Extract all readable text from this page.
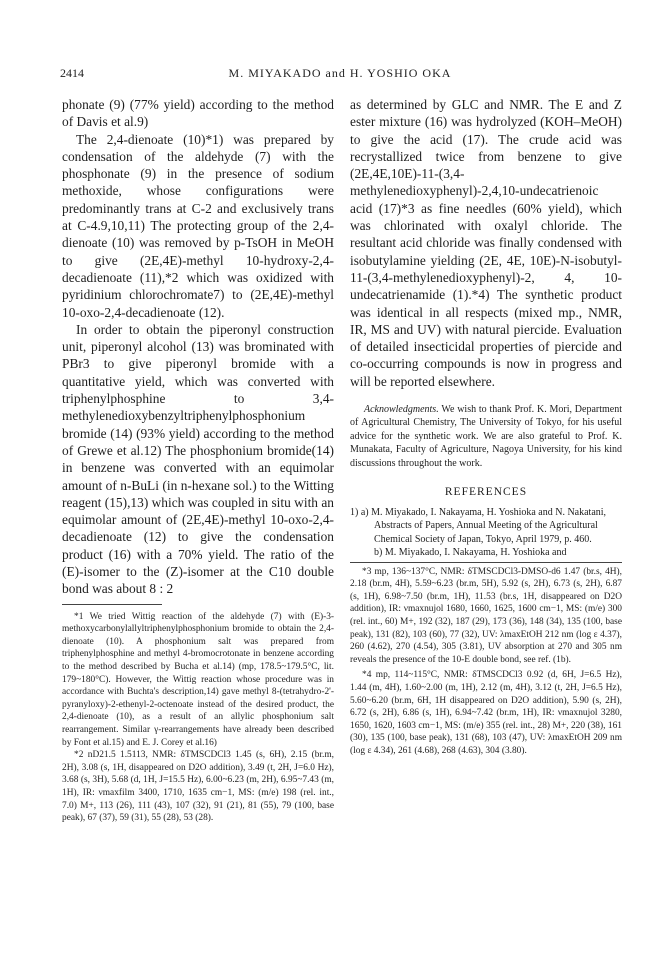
2414	M. MIYAKADO and H. YOSHIO OKA

phonate (9) (77% yield) according to the method of Davis et al.9)

The 2,4-dienoate (10)*1) was prepared by condensation of the aldehyde (7) with the phosphonate (9) in the presence of sodium methoxide, whose configurations were predominantly trans at C-2 and exclusively trans at C-4.9,10,11) The protecting group of the 2,4-dienoate (10) was removed by p-TsOH in MeOH to give (2E,4E)-methyl 10-hydroxy-2,4-decadienoate (11),*2 which was oxidized with pyridinium chlorochromate7) to (2E,4E)-methyl 10-oxo-2,4-decadienoate (12).

In order to obtain the piperonyl construction unit, piperonyl alcohol (13) was brominated with PBr3 to give piperonyl bromide with a quantitative yield, which was converted with triphenylphosphine to 3,4-methylenedioxybenzyltriphenylphosphonium bromide (14) (93% yield) according to the method of Grewe et al.12) The phosphonium bromide(14) in benzene was converted with an equimolar amount of n-BuLi (in n-hexane sol.) to the Witting reagent (15),13) which was coupled in situ with an equimolar amount of (2E,4E)-methyl 10-oxo-2,4-decadienoate (12) to give the condensation product (16) with a 70% yield. The ratio of the (E)-isomer to the (Z)-isomer at the C10 double bond was about 8 : 2

*1 We tried Wittig reaction of the aldehyde (7) with (E)-3-methoxycarbonylallyltriphenylphosphonium bromide to obtain the 2,4-dienoate (10). A phosphonium salt was prepared from triphenylphosphine and methyl 4-bromocrotonate in benzene according to the method described by Bucha et al.14) (mp, 178.5~179.5°C, lit. 179~180°C). However, the Wittig reaction whose procedure was in accordance with Buchta's description,14) gave methyl 8-(tetrahydro-2'-pyranyloxy)-2-ethenyl-2-octenoate instead of the desired product, the 2,4-dienoate (10), as a result of an allylic phosphonium salt rearrangement. Similar γ-rearrangements have already been described by Font et al.15) and E. J. Corey et al.16)

*2 nD21.5 1.5113, NMR: δTMSCDCl3 1.45 (s, 6H), 2.15 (br.m, 2H), 3.08 (s, 1H, disappeared on D2O addition), 3.49 (t, 2H, J=6.0 Hz), 3.68 (s, 3H), 5.68 (d, 1H, J=15.5 Hz), 6.00~6.23 (m, 2H), 6.95~7.43 (m, 1H), IR: νmaxfilm 3400, 1710, 1635 cm−1, MS: (m/e) 198 (rel. int., 7.0) M+, 113 (26), 111 (43), 107 (32), 91 (21), 81 (55), 79 (100, base peak), 67 (37), 59 (31), 55 (28), 53 (28).

as determined by GLC and NMR. The E and Z ester mixture (16) was hydrolyzed (KOH–MeOH) to give the acid (17). The crude acid was recrystallized twice from benzene to give (2E,4E,10E)-11-(3,4-methylenedioxyphenyl)-2,4,10-undecatrienoic acid (17)*3 as fine needles (60% yield), which was chlorinated with oxalyl chloride. The resultant acid chloride was finally condensed with isobutylamine yielding (2E, 4E, 10E)-N-isobutyl-11-(3,4-methylenedioxyphenyl)-2, 4, 10-undecatrienamide (1).*4) The synthetic product was identical in all respects (mixed mp., NMR, IR, MS and UV) with natural piercide. Evaluation of detailed insecticidal properties of piercide and co-occurring compounds is now in progress and will be reported elsewhere.

Acknowledgments. We wish to thank Prof. K. Mori, Department of Agricultural Chemistry, The University of Tokyo, for his useful advice for the synthetic work. We are also grateful to Prof. K. Munakata, Faculty of Agriculture, Nagoya University, for his kind discussions throughout the work.

REFERENCES

1) a) M. Miyakado, I. Nakayama, H. Yoshioka and N. Nakatani, Abstracts of Papers, Annual Meeting of the Agricultural Chemical Society of Japan, Tokyo, April 1979, p. 460.

b) M. Miyakado, I. Nakayama, H. Yoshioka and

*3 mp, 136~137°C, NMR: δTMSCDCl3-DMSO-d6 1.47 (br.s, 4H), 2.18 (br.m, 4H), 5.59~6.23 (br.m, 5H), 5.92 (s, 2H), 6.73 (s, 2H), 6.87 (s, 1H), 6.98~7.50 (br.m, 1H), 11.53 (br.s, 1H, disappeared on D2O addition), IR: νmaxnujol 1680, 1660, 1625, 1600 cm−1, MS: (m/e) 300 (rel. int., 60) M+, 192 (32), 187 (29), 173 (36), 148 (34), 135 (100, base peak), 131 (82), 103 (60), 77 (32), UV: λmaxEtOH 212 nm (log ε 4.37), 260 (4.62), 270 (4.54), 305 (3.81), UV absorption at 270 and 305 nm reveals the presence of the 10-E double bond, see ref. (1b).

*4 mp, 114~115°C, NMR: δTMSCDCl3 0.92 (d, 6H, J=6.5 Hz), 1.44 (m, 4H), 1.60~2.00 (m, 1H), 2.12 (m, 4H), 3.12 (t, 2H, J=6.5 Hz), 5.60~6.20 (br.m, 6H, 1H disappeared on D2O addition), 5.90 (s, 2H), 6.72 (s, 2H), 6.86 (s, 1H), 6.94~7.42 (br.m, 1H), IR: νmaxnujol 3280, 1650, 1620, 1603 cm−1, MS: (m/e) 355 (rel. int., 28) M+, 220 (38), 161 (30), 135 (100, base peak), 131 (68), 103 (47), UV: λmaxEtOH 209 nm (log ε 4.34), 261 (4.68), 268 (4.63), 304 (3.80).
